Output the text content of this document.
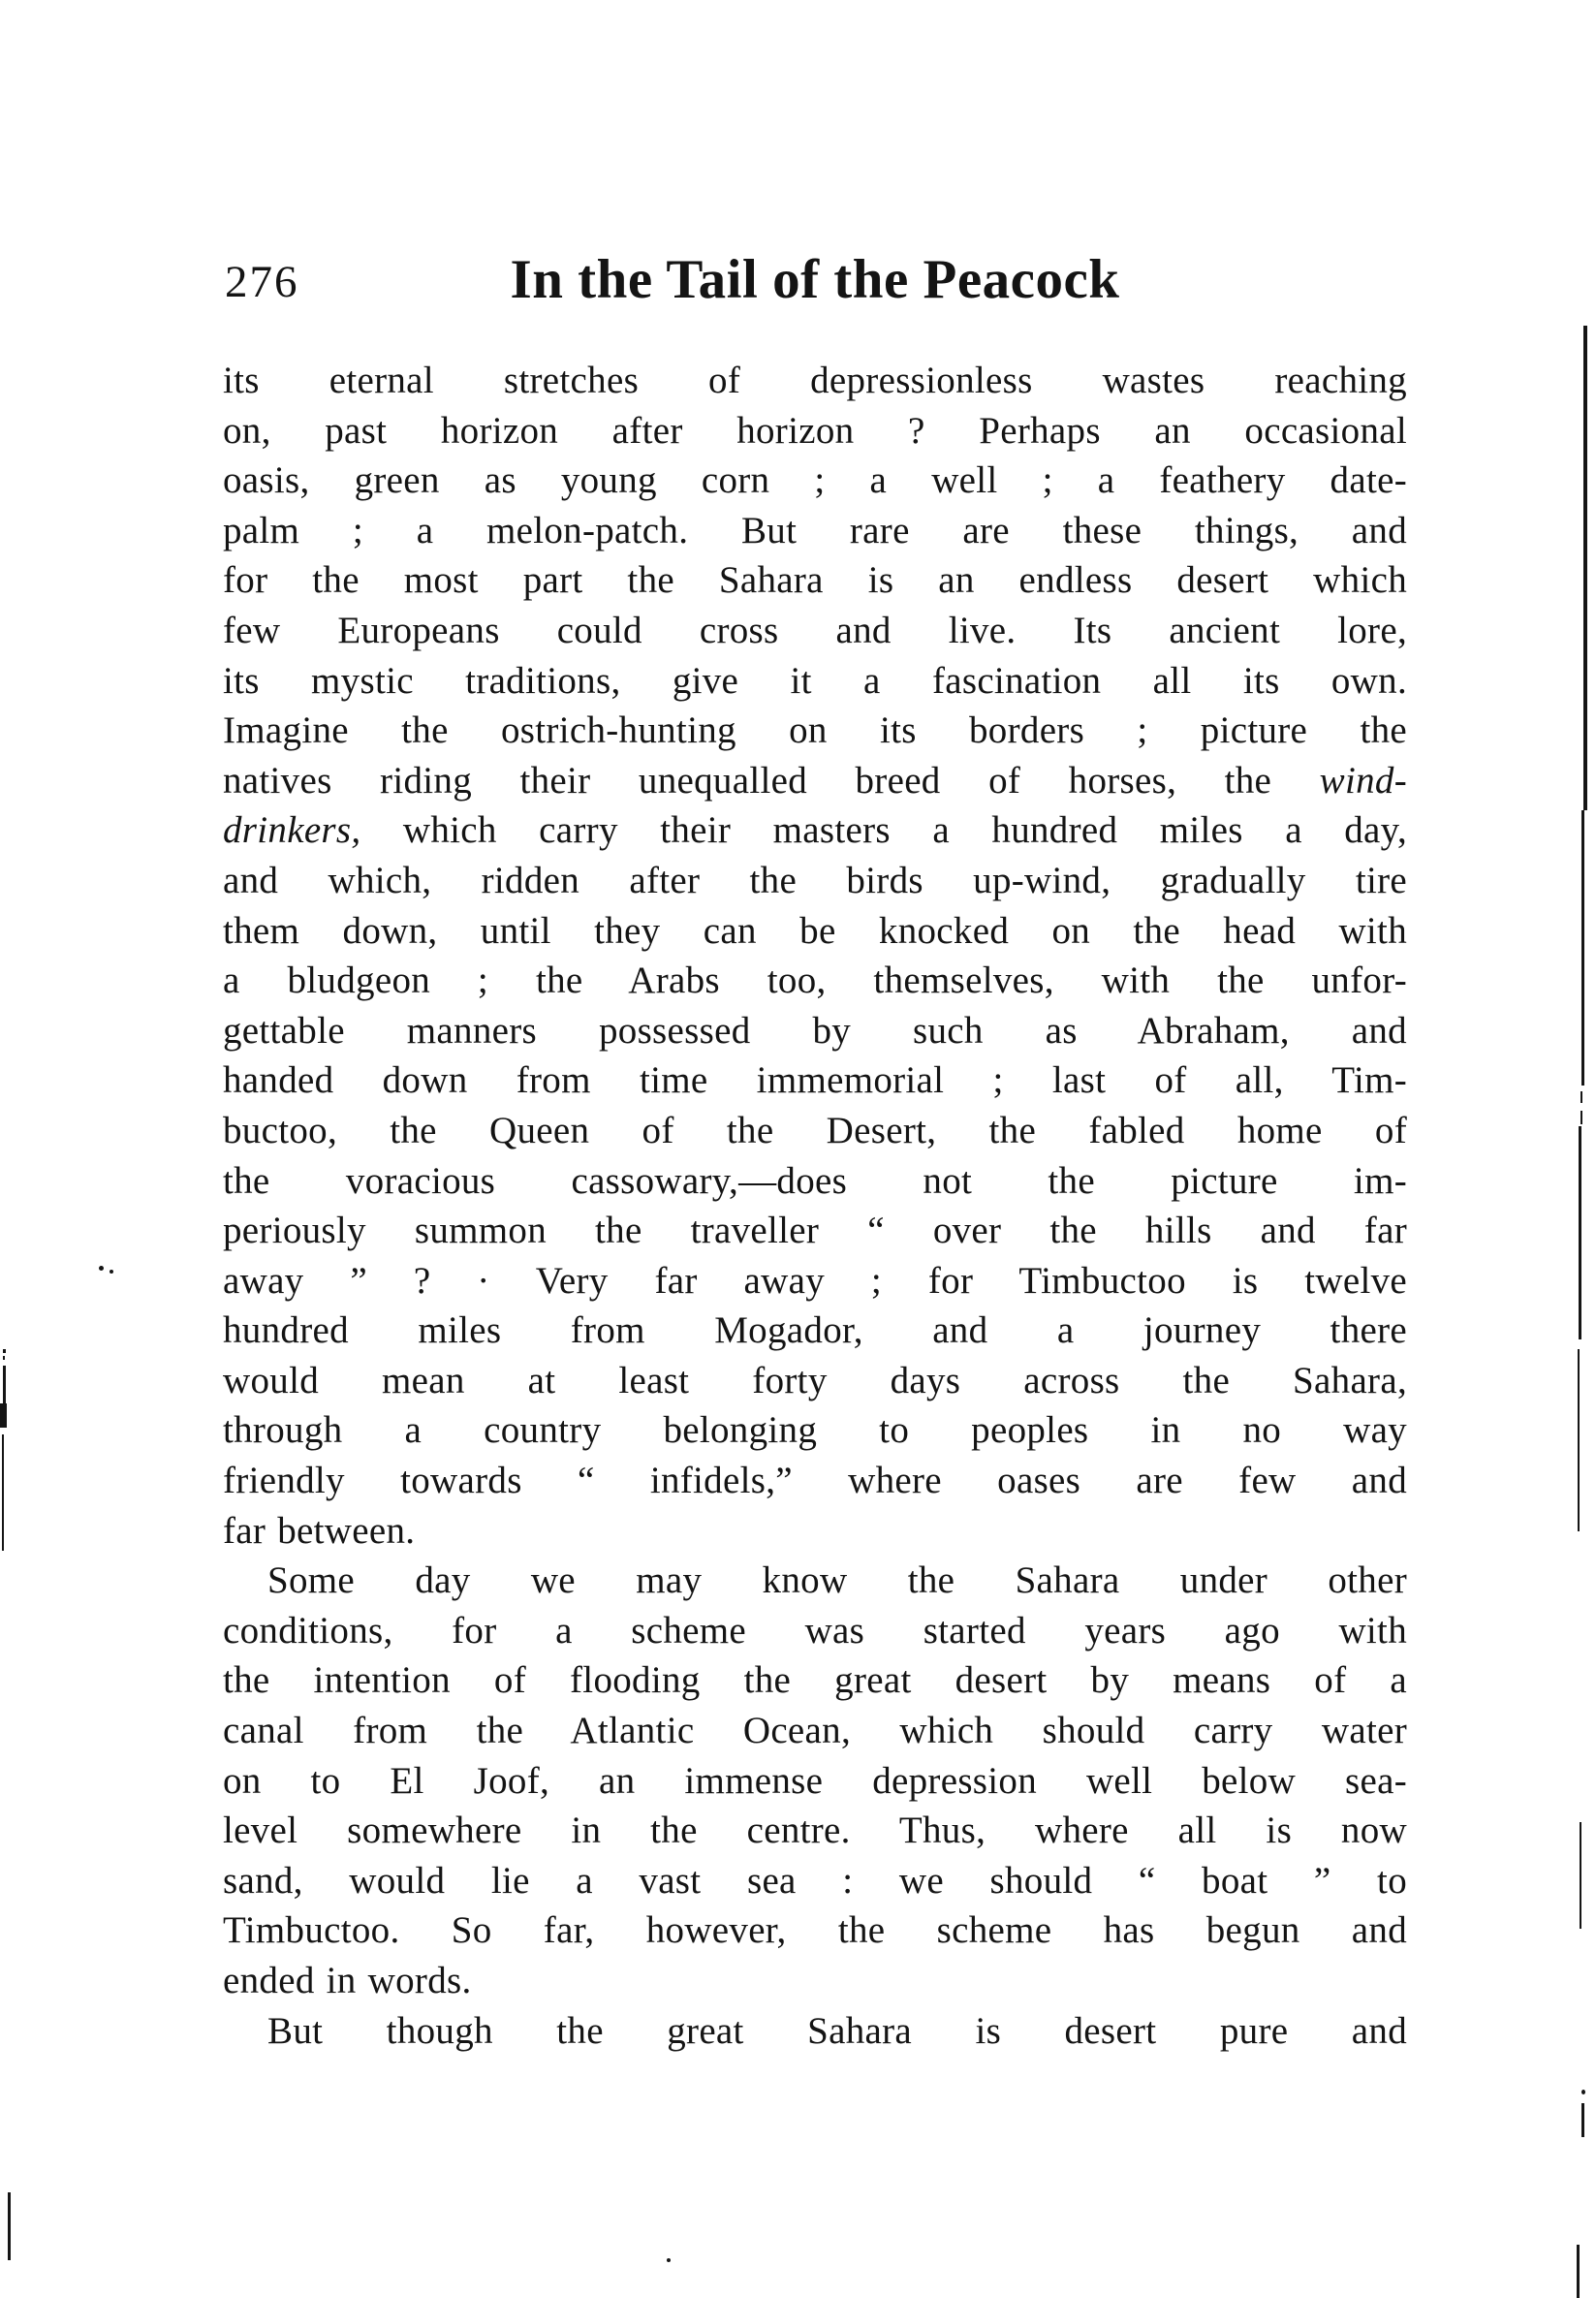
276	In the Tail of the Peacock
its eternal stretches of depressionless wastes reaching
on, past horizon after horizon ? Perhaps an occasional
oasis, green as young corn ; a well ; a feathery date-
palm ; a melon-patch. But rare are these things, and
for the most part the Sahara is an endless desert which
few Europeans could cross and live. Its ancient lore,
its mystic traditions, give it a fascination all its own.
Imagine the ostrich-hunting on its borders ; picture the
natives riding their unequalled breed of horses, the wind-
drinkers, which carry their masters a hundred miles a day,
and which, ridden after the birds up-wind, gradually tire
them down, until they can be knocked on the head with
a bludgeon ; the Arabs too, themselves, with the unfor-
gettable manners possessed by such as Abraham, and
handed down from time immemorial ; last of all, Tim-
buctoo, the Queen of the Desert, the fabled home of
the voracious cassowary,—does not the picture im-
periously summon the traveller “ over the hills and far
away ” ? · Very far away ; for Timbuctoo is twelve
hundred miles from Mogador, and a journey there
would mean at least forty days across the Sahara,
through a country belonging to peoples in no way
friendly towards “ infidels,” where oases are few and
far between.
Some day we may know the Sahara under other
conditions, for a scheme was started years ago with
the intention of flooding the great desert by means of a
canal from the Atlantic Ocean, which should carry water
on to El Joof, an immense depression well below sea-
level somewhere in the centre. Thus, where all is now
sand, would lie a vast sea : we should “ boat ” to
Timbuctoo. So far, however, the scheme has begun and
ended in words.
But though the great Sahara is desert pure and
